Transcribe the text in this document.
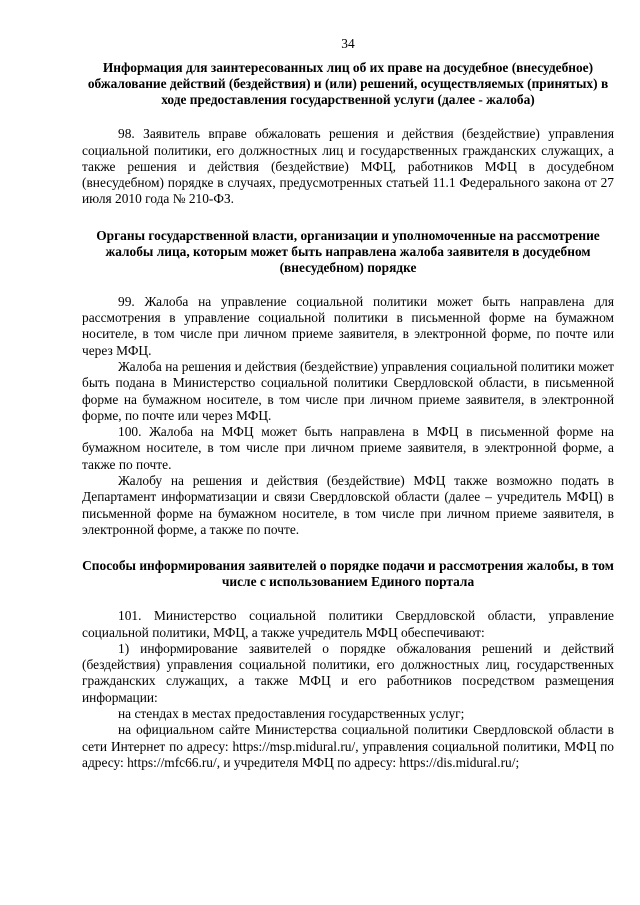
34
Информация для заинтересованных лиц об их праве на досудебное (внесудебное) обжалование действий (бездействия) и (или) решений, осуществляемых (принятых) в ходе предоставления государственной услуги (далее - жалоба)

98. Заявитель вправе обжаловать решения и действия (бездействие) управления социальной политики, его должностных лиц и государственных гражданских служащих, а также решения и действия (бездействие) МФЦ, работников МФЦ в досудебном (внесудебном) порядке в случаях, предусмотренных статьей 11.1 Федерального закона от 27 июля 2010 года № 210-ФЗ.

Органы государственной власти, организации и уполномоченные на рассмотрение жалобы лица, которым может быть направлена жалоба заявителя в досудебном (внесудебном) порядке

99. Жалоба на управление социальной политики может быть направлена для рассмотрения в управление социальной политики в письменной форме на бумажном носителе, в том числе при личном приеме заявителя, в электронной форме, по почте или через МФЦ.

Жалоба на решения и действия (бездействие) управления социальной политики может быть подана в Министерство социальной политики Свердловской области, в письменной форме на бумажном носителе, в том числе при личном приеме заявителя, в электронной форме, по почте или через МФЦ.

100. Жалоба на МФЦ может быть направлена в МФЦ в письменной форме на бумажном носителе, в том числе при личном приеме заявителя, в электронной форме, а также по почте.

Жалобу на решения и действия (бездействие) МФЦ также возможно подать в Департамент информатизации и связи Свердловской области (далее – учредитель МФЦ) в письменной форме на бумажном носителе, в том числе при личном приеме заявителя, в электронной форме, а также по почте.

Способы информирования заявителей о порядке подачи и рассмотрения жалобы, в том числе с использованием Единого портала

101. Министерство социальной политики Свердловской области, управление социальной политики, МФЦ, а также учредитель МФЦ обеспечивают:

1) информирование заявителей о порядке обжалования решений и действий (бездействия) управления социальной политики, его должностных лиц, государственных гражданских служащих, а также МФЦ и его работников посредством размещения информации:

на стендах в местах предоставления государственных услуг;

на официальном сайте Министерства социальной политики Свердловской области в сети Интернет по адресу: https://msp.midural.ru/, управления социальной политики, МФЦ по адресу: https://mfc66.ru/, и учредителя МФЦ по адресу: https://dis.midural.ru/;
